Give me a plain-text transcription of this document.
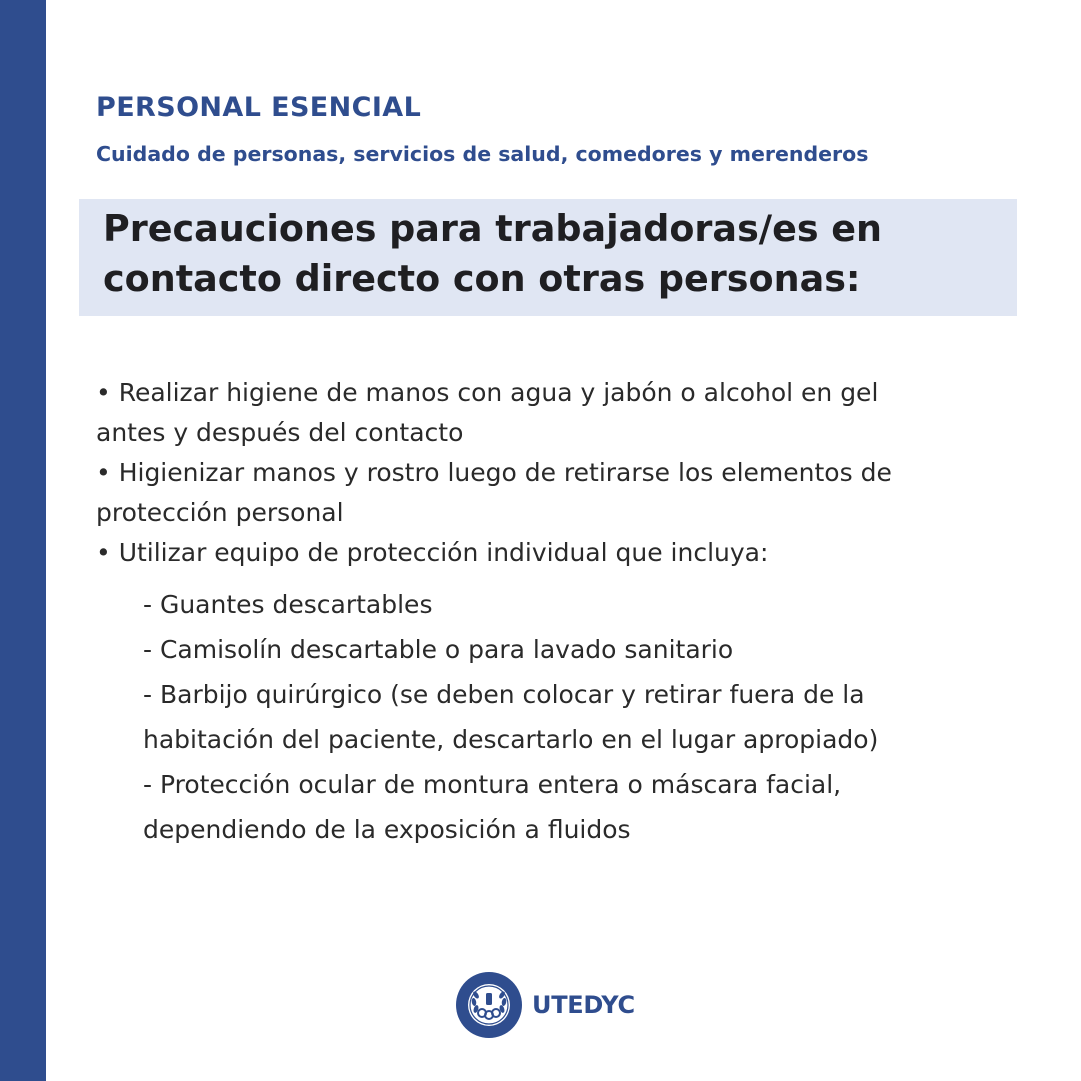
PERSONAL ESENCIAL

Cuidado de personas, servicios de salud, comedores y merenderos

Precauciones para trabajadoras/es en
contacto directo con otras personas:

• Realizar higiene de manos con agua y jabón o alcohol en gel

antes y después del contacto

• Higienizar manos y rostro luego de retirarse los elementos de

protección personal

• Utilizar equipo de protección individual que incluya:

- Guantes descartables

- Camisolín descartable o para lavado sanitario

- Barbijo quirúrgico (se deben colocar y retirar fuera de la

habitación del paciente, descartarlo en el lugar apropiado)

- Protección ocular de montura entera o máscara facial,

dependiendo de la exposición a fluidos

UTEDYC
